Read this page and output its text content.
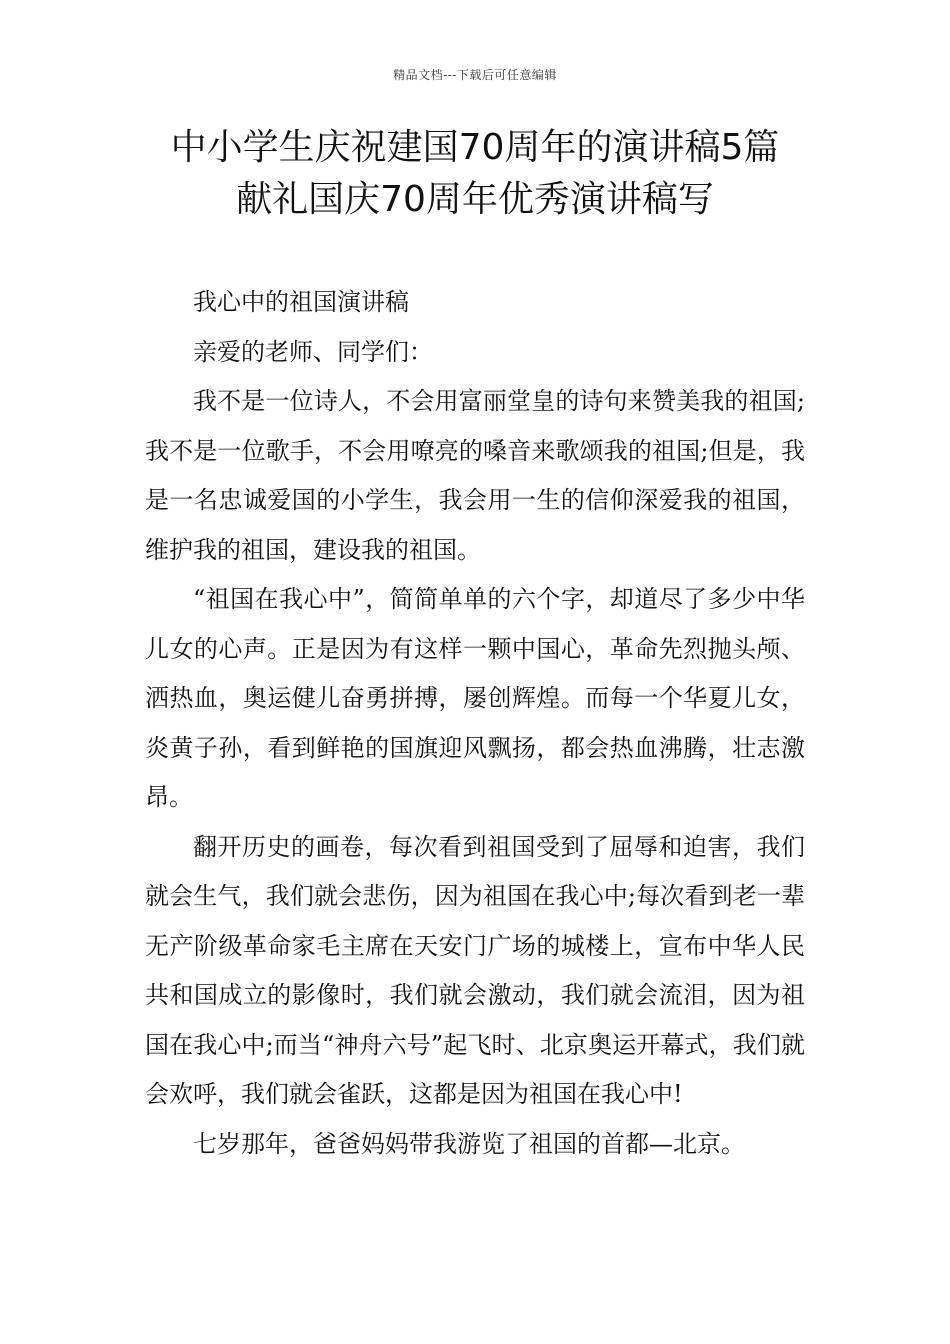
精品文档---下载后可任意编辑
中小学生庆祝建国70周年的演讲稿5篇
献礼国庆70周年优秀演讲稿写

我心中的祖国演讲稿

亲爱的老师、同学们：

我不是一位诗人，不会用富丽堂皇的诗句来赞美我的祖国;我不是一位歌手，不会用嘹亮的嗓音来歌颂我的祖国;但是，我是一名忠诚爱国的小学生，我会用一生的信仰深爱我的祖国，维护我的祖国，建设我的祖国。

“祖国在我心中”，简简单单的六个字，却道尽了多少中华儿女的心声。正是因为有这样一颗中国心，革命先烈抛头颅、洒热血，奥运健儿奋勇拼搏，屡创辉煌。而每一个华夏儿女，炎黄子孙，看到鲜艳的国旗迎风飘扬，都会热血沸腾，壮志激昂。

翻开历史的画卷，每次看到祖国受到了屈辱和迫害，我们就会生气，我们就会悲伤，因为祖国在我心中;每次看到老一辈无产阶级革命家毛主席在天安门广场的城楼上，宣布中华人民共和国成立的影像时，我们就会激动，我们就会流泪，因为祖国在我心中;而当“神舟六号”起飞时、北京奥运开幕式，我们就会欢呼，我们就会雀跃，这都是因为祖国在我心中!

七岁那年，爸爸妈妈带我游览了祖国的首都—北京。
